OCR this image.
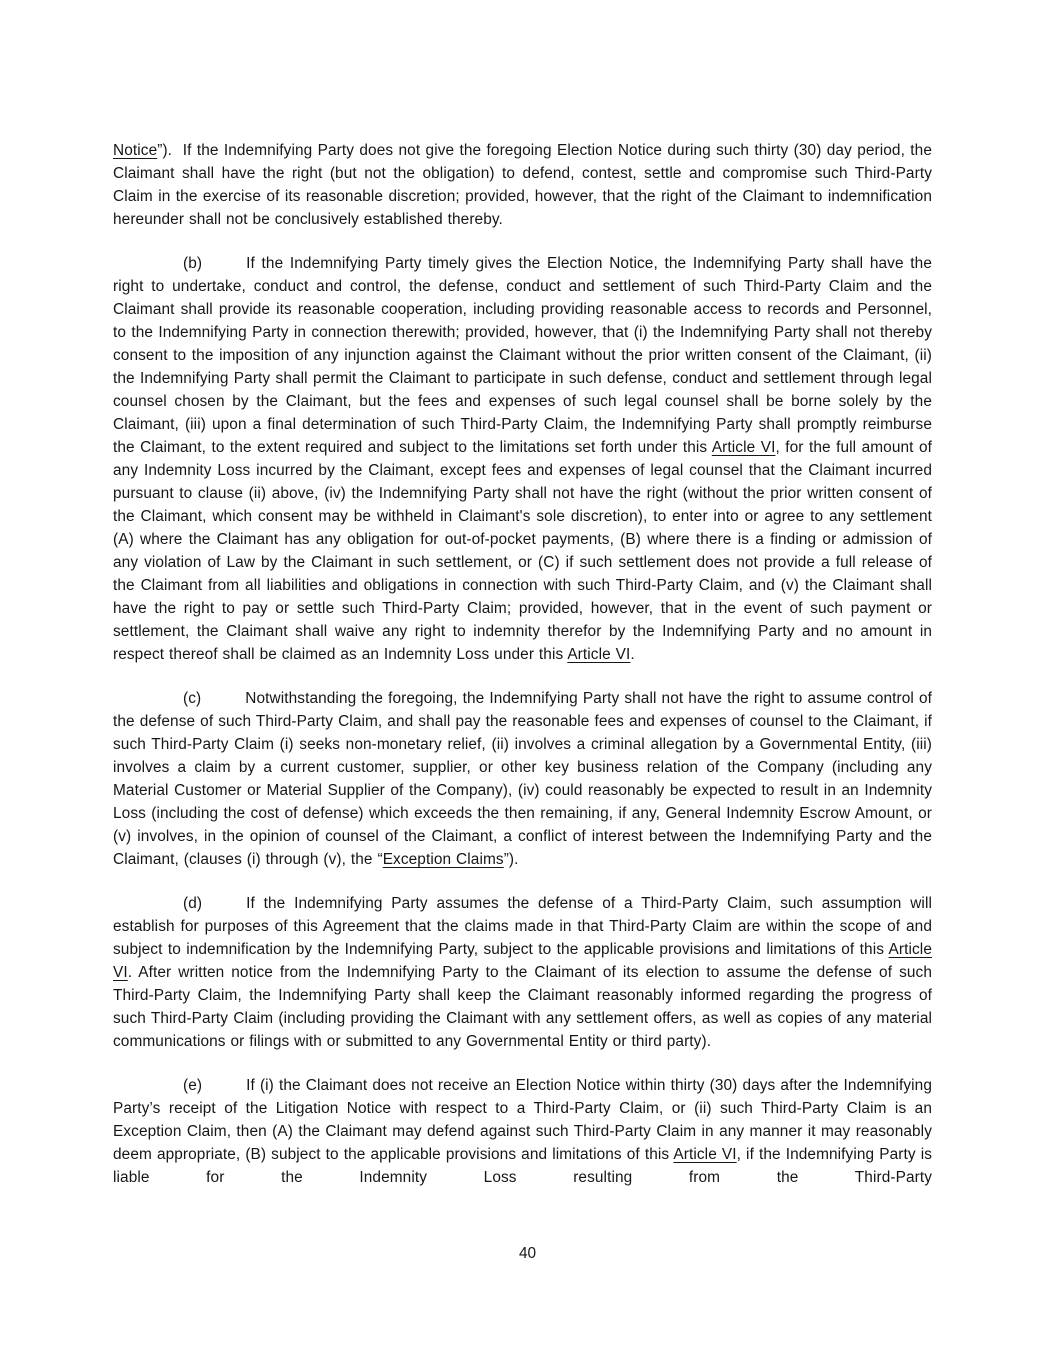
Notice”).  If the Indemnifying Party does not give the foregoing Election Notice during such thirty (30) day period, the Claimant shall have the right (but not the obligation) to defend, contest, settle and compromise such Third-Party Claim in the exercise of its reasonable discretion; provided, however, that the right of the Claimant to indemnification hereunder shall not be conclusively established thereby.

(b)	If the Indemnifying Party timely gives the Election Notice, the Indemnifying Party shall have the right to undertake, conduct and control, the defense, conduct and settlement of such Third-Party Claim and the Claimant shall provide its reasonable cooperation, including providing reasonable access to records and Personnel, to the Indemnifying Party in connection therewith; provided, however, that (i) the Indemnifying Party shall not thereby consent to the imposition of any injunction against the Claimant without the prior written consent of the Claimant, (ii) the Indemnifying Party shall permit the Claimant to participate in such defense, conduct and settlement through legal counsel chosen by the Claimant, but the fees and expenses of such legal counsel shall be borne solely by the Claimant, (iii) upon a final determination of such Third-Party Claim, the Indemnifying Party shall promptly reimburse the Claimant, to the extent required and subject to the limitations set forth under this Article VI, for the full amount of any Indemnity Loss incurred by the Claimant, except fees and expenses of legal counsel that the Claimant incurred pursuant to clause (ii) above, (iv) the Indemnifying Party shall not have the right (without the prior written consent of the Claimant, which consent may be withheld in Claimant's sole discretion), to enter into or agree to any settlement (A) where the Claimant has any obligation for out-of-pocket payments, (B) where there is a finding or admission of any violation of Law by the Claimant in such settlement, or (C) if such settlement does not provide a full release of the Claimant from all liabilities and obligations in connection with such Third-Party Claim, and (v) the Claimant shall have the right to pay or settle such Third-Party Claim; provided, however, that in the event of such payment or settlement, the Claimant shall waive any right to indemnity therefor by the Indemnifying Party and no amount in respect thereof shall be claimed as an Indemnity Loss under this Article VI.

(c)	Notwithstanding the foregoing, the Indemnifying Party shall not have the right to assume control of the defense of such Third-Party Claim, and shall pay the reasonable fees and expenses of counsel to the Claimant, if such Third-Party Claim (i) seeks non-monetary relief, (ii) involves a criminal allegation by a Governmental Entity, (iii) involves a claim by a current customer, supplier, or other key business relation of the Company (including any Material Customer or Material Supplier of the Company), (iv) could reasonably be expected to result in an Indemnity Loss (including the cost of defense) which exceeds the then remaining, if any, General Indemnity Escrow Amount, or (v) involves, in the opinion of counsel of the Claimant, a conflict of interest between the Indemnifying Party and the Claimant, (clauses (i) through (v), the “Exception Claims”).

(d)	If the Indemnifying Party assumes the defense of a Third-Party Claim, such assumption will establish for purposes of this Agreement that the claims made in that Third-Party Claim are within the scope of and subject to indemnification by the Indemnifying Party, subject to the applicable provisions and limitations of this Article VI. After written notice from the Indemnifying Party to the Claimant of its election to assume the defense of such Third-Party Claim, the Indemnifying Party shall keep the Claimant reasonably informed regarding the progress of such Third-Party Claim (including providing the Claimant with any settlement offers, as well as copies of any material communications or filings with or submitted to any Governmental Entity or third party).

(e)	If (i) the Claimant does not receive an Election Notice within thirty (30) days after the Indemnifying Party’s receipt of the Litigation Notice with respect to a Third-Party Claim, or (ii) such Third-Party Claim is an Exception Claim, then (A) the Claimant may defend against such Third-Party Claim in any manner it may reasonably deem appropriate, (B) subject to the applicable provisions and limitations of this Article VI, if the Indemnifying Party is liable for the Indemnity Loss resulting from the Third-Party

40
